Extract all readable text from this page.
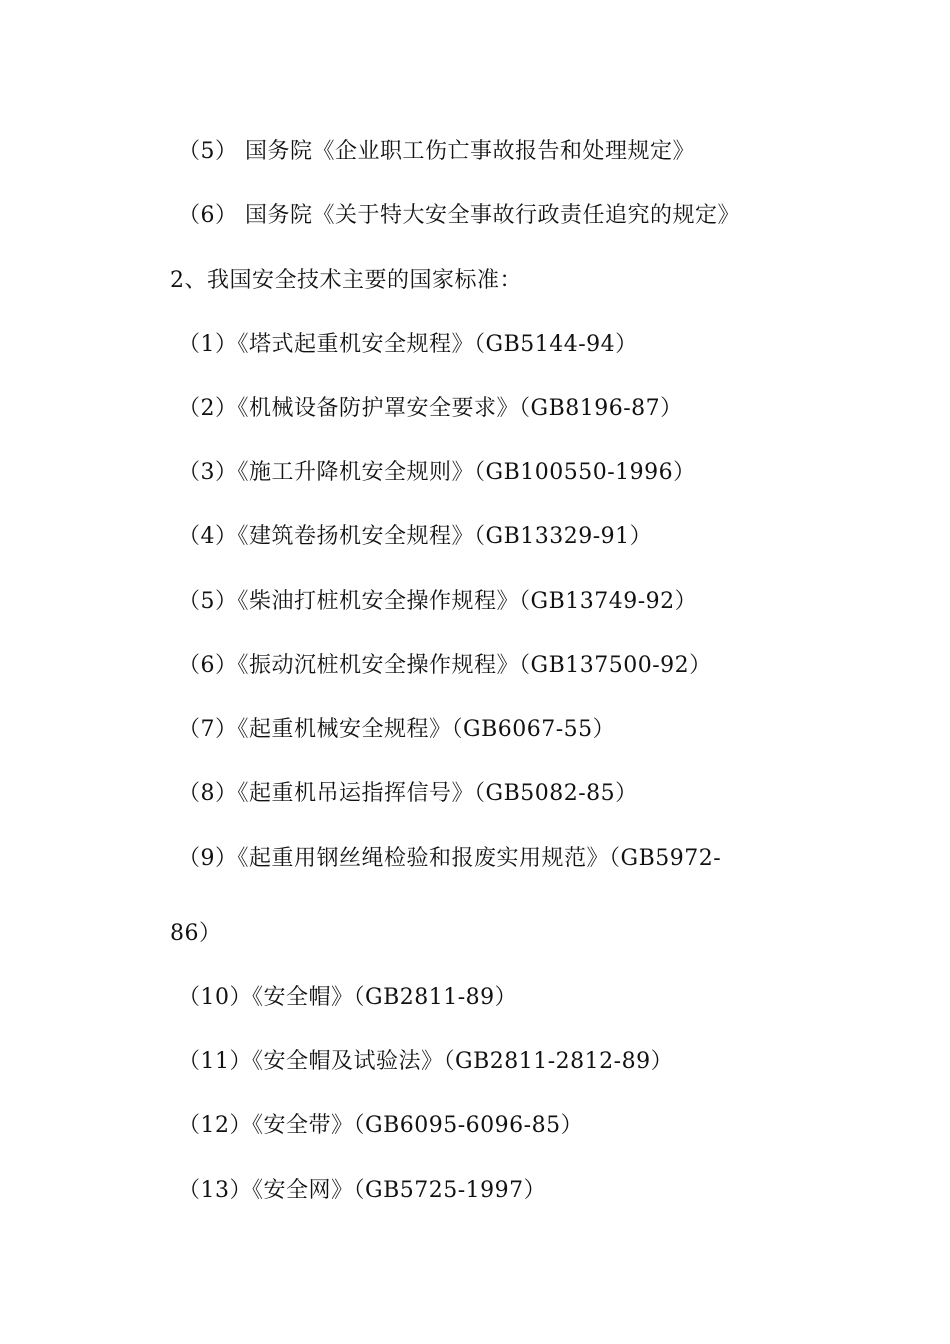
（5） 国务院《企业职工伤亡事故报告和处理规定》
（6） 国务院《关于特大安全事故行政责任追究的规定》
2、我国安全技术主要的国家标准：
（1）《塔式起重机安全规程》（GB5144-94）
（2）《机械设备防护罩安全要求》（GB8196-87）
（3）《施工升降机安全规则》（GB100550-1996）
（4）《建筑卷扬机安全规程》（GB13329-91）
（5）《柴油打桩机安全操作规程》（GB13749-92）
（6）《振动沉桩机安全操作规程》（GB137500-92）
（7）《起重机械安全规程》（GB6067-55）
（8）《起重机吊运指挥信号》（GB5082-85）
（9）《起重用钢丝绳检验和报废实用规范》（GB5972-
86）
（10）《安全帽》（GB2811-89）
（11）《安全帽及试验法》（GB2811-2812-89）
（12）《安全带》（GB6095-6096-85）
（13）《安全网》（GB5725-1997）
